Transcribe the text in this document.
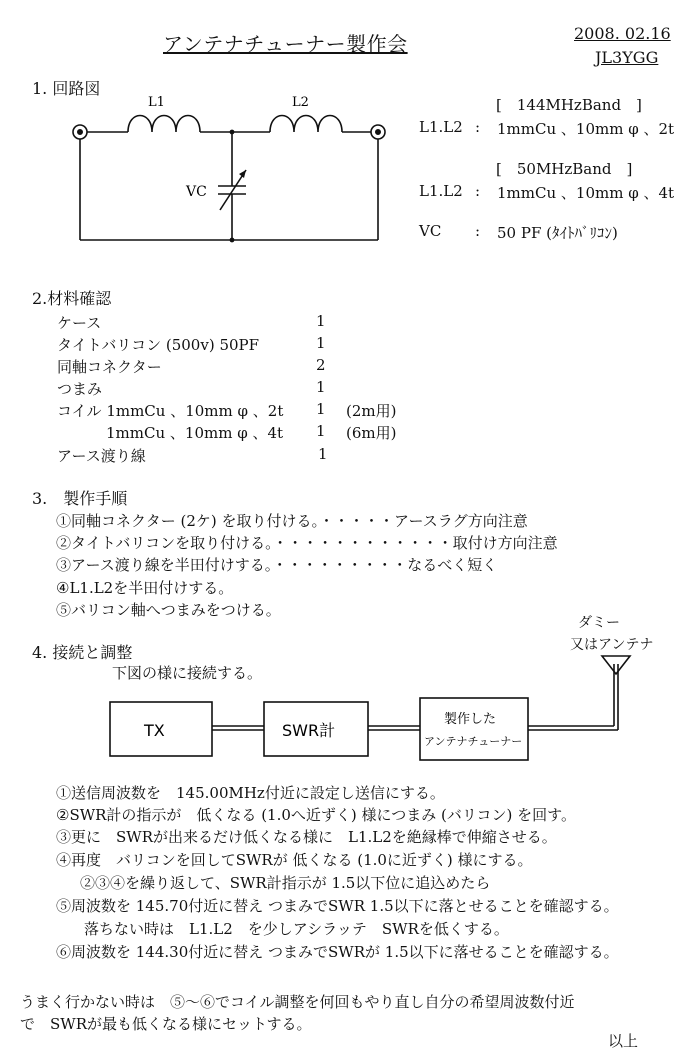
アンテナチューナー製作会	2008. 02.16
JL3YGG
1. 回路図
L1	L2
VC
[　144MHzBand　]
L1.L2 : 1mmCu 、10mm φ 、2t
[　50MHzBand　]
L1.L2 : 1mmCu 、10mm φ 、4t
VC : 50 PF (ﾀｲﾄﾊﾞﾘｺﾝ)
2.材料確認
ケース	1
タイトバリコン (500v) 50PF	1
同軸コネクター	2
つまみ	1
コイル 1mmCu 、10mm φ 、2t 1 (2m用)
1mmCu 、10mm φ 、4t 1 (6m用)
アース渡り線	1
3.　製作手順
①同軸コネクター (2ケ) を取り付ける。・・・・・アースラグ方向注意
②タイトバリコンを取り付ける。・・・・・・・・・・・・取付け方向注意
③アース渡り線を半田付けする。・・・・・・・・・なるべく短く
④L1.L2を半田付けする。
⑤バリコン軸へつまみをつける。
4. 接続と調整
下図の様に接続する。
ダミー
又はアンテナ
TX	SWR計
製作した
アンテナチューナー
①送信周波数を　145.00MHz付近に設定し送信にする。
②SWR計の指示が　低くなる (1.0へ近ずく) 様につまみ (バリコン) を回す。
③更に　SWRが出来るだけ低くなる様に　L1.L2を絶縁棒で伸縮させる。
④再度　バリコンを回してSWRが 低くなる (1.0に近ずく) 様にする。
②③④を繰り返して、SWR計指示が 1.5以下位に追込めたら
⑤周波数を 145.70付近に替え つまみでSWR 1.5以下に落とせることを確認する。
落ちない時は　L1.L2　を少しアシラッテ　SWRを低くする。
⑥周波数を 144.30付近に替え つまみでSWRが 1.5以下に落せることを確認する。
うまく行かない時は　⑤～⑥でコイル調整を何回もやり直し自分の希望周波数付近
で　SWRが最も低くなる様にセットする。
以上
